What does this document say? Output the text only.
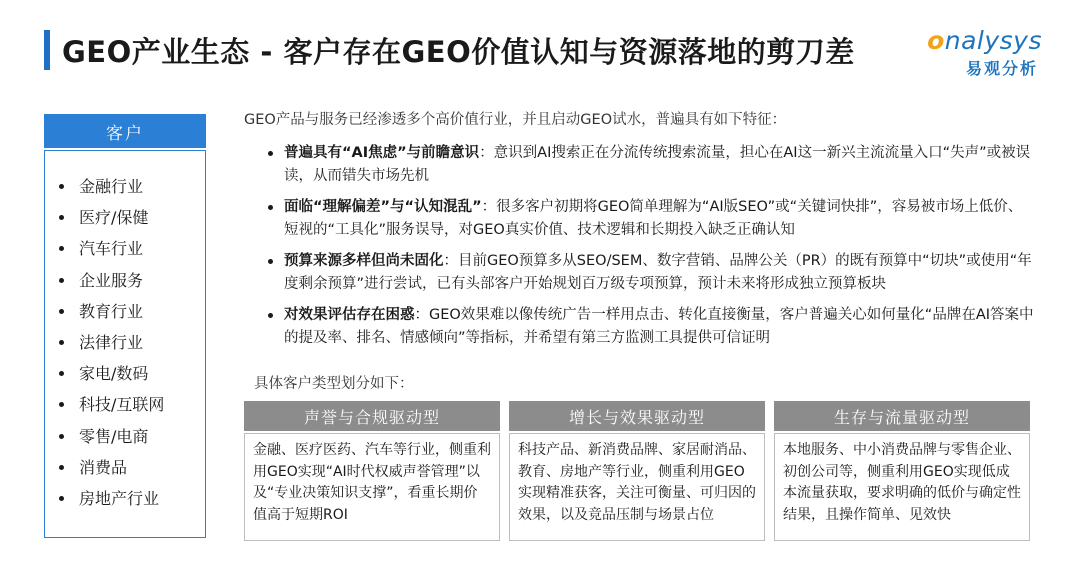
GEO产业生态 - 客户存在GEO价值认知与资源落地的剪刀差	onalysys
易观分析
客户
金融行业
医疗/保健
汽车行业
企业服务
教育行业
法律行业
家电/数码
科技/互联网
零售/电商
消费品
房地产行业

GEO产品与服务已经渗透多个高价值行业，并且启动GEO试水，普遍具有如下特征：

普遍具有“AI焦虑”与前瞻意识：意识到AI搜索正在分流传统搜索流量，担心在AI这一新兴主流流量入口“失声”或被误读，从而错失市场先机
面临“理解偏差”与“认知混乱”：很多客户初期将GEO简单理解为“AI版SEO”或“关键词快排”，容易被市场上低价、短视的“工具化”服务误导，对GEO真实价值、技术逻辑和长期投入缺乏正确认知
预算来源多样但尚未固化：目前GEO预算多从SEO/SEM、数字营销、品牌公关（PR）的既有预算中“切块”或使用“年度剩余预算”进行尝试，已有头部客户开始规划百万级专项预算，预计未来将形成独立预算板块
对效果评估存在困惑：GEO效果难以像传统广告一样用点击、转化直接衡量，客户普遍关心如何量化“品牌在AI答案中的提及率、排名、情感倾向”等指标，并希望有第三方监测工具提供可信证明

具体客户类型划分如下：

声誉与合规驱动型
金融、医疗医药、汽车等行业，侧重利用GEO实现“AI时代权威声誉管理”以及“专业决策知识支撑”，看重长期价值高于短期ROI
增长与效果驱动型
科技产品、新消费品牌、家居耐消品、教育、房地产等行业，侧重利用GEO实现精准获客，关注可衡量、可归因的效果，以及竞品压制与场景占位
生存与流量驱动型
本地服务、中小消费品牌与零售企业、初创公司等，侧重利用GEO实现低成本流量获取，要求明确的低价与确定性结果，且操作简单、见效快
